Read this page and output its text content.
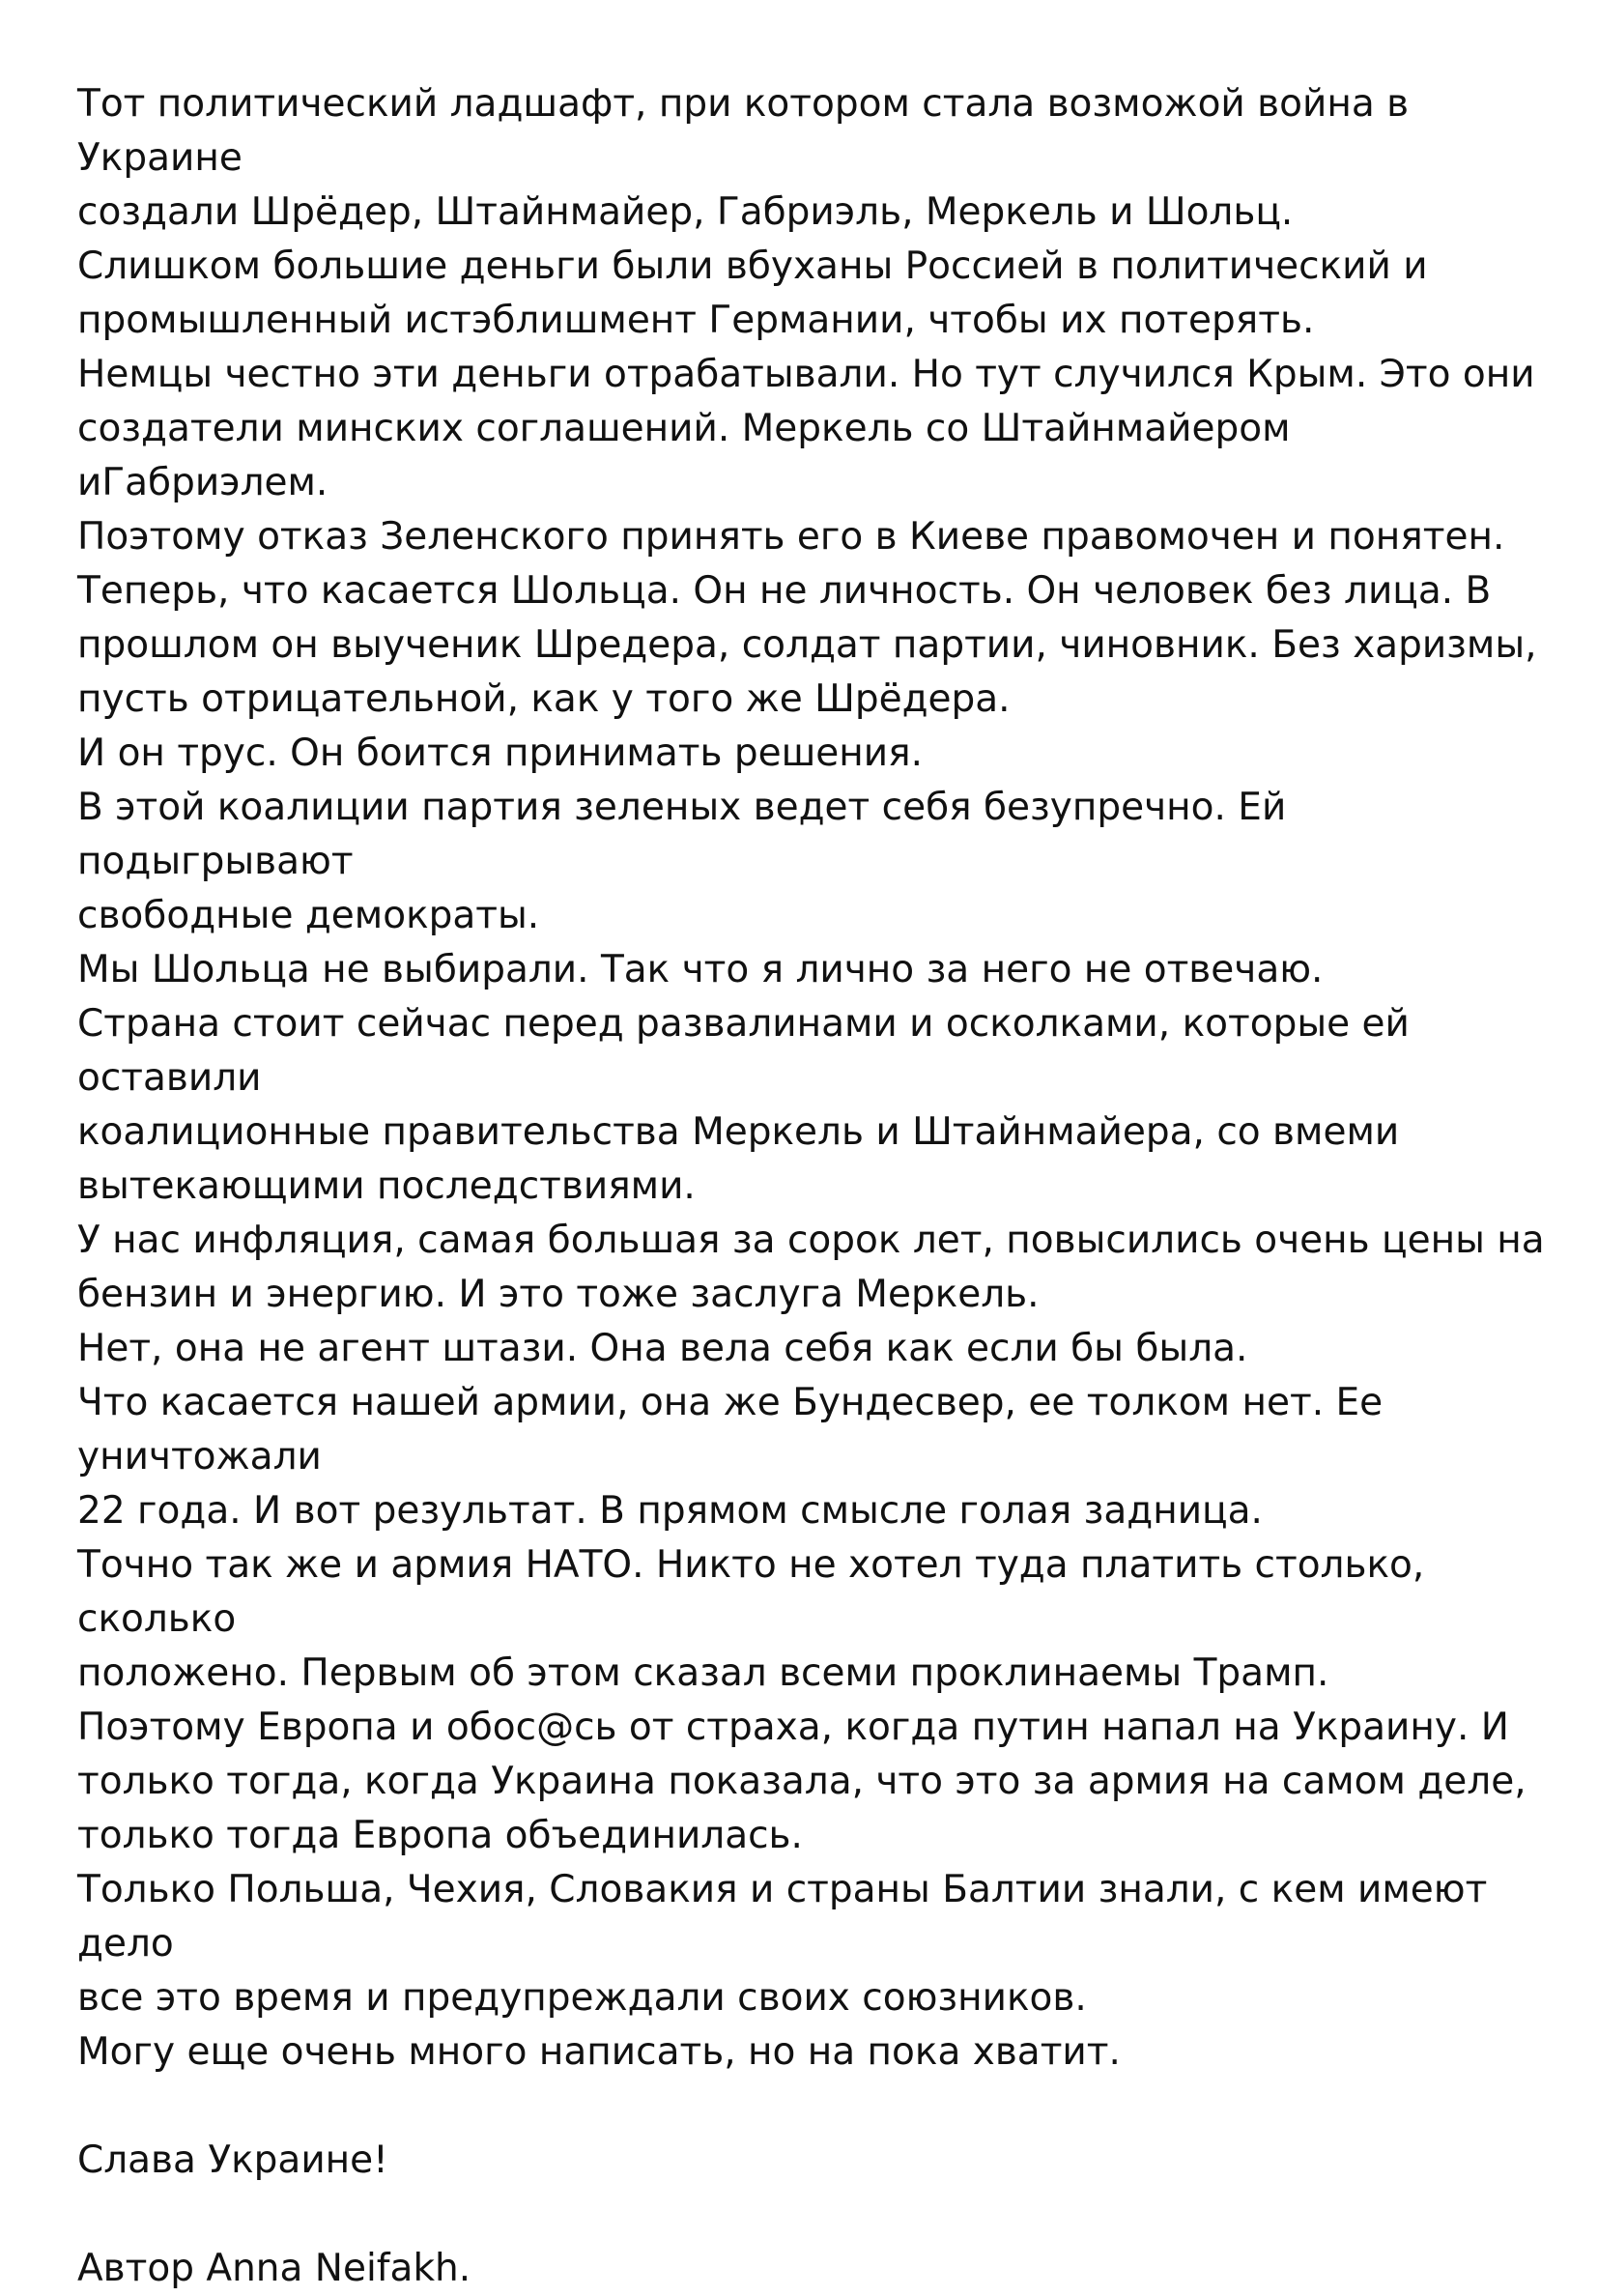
Тот политический ладшафт, при котором стала возможой война в Украине

создали Шрёдер, Штайнмайер, Габриэль, Меркель и Шольц.

Слишком большие деньги были вбуханы Россией в политический и

промышленный истэблишмент Германии, чтобы их потерять.

Немцы честно эти деньги отрабатывали. Но тут случился Крым. Это они

создатели минских соглашений. Меркель со Штайнмайером иГабриэлем.

Поэтому отказ Зеленского принять его в Киеве правомочен и понятен.

Теперь, что касается Шольца. Он не личность. Он человек без лица. В

прошлом он выученик Шредера, солдат партии, чиновник. Без харизмы,

пусть отрицательной, как у того же Шрёдера.

И он трус. Он боится принимать решения.

В этой коалиции партия зеленых ведет себя безупречно. Ей подыгрывают

свободные демократы.

Мы Шольца не выбирали. Так что я лично за него не отвечаю.

Страна стоит сейчас перед развалинами и осколками, которые ей оставили

коалиционные правительства Меркель и Штайнмайера, со вмеми

вытекающими последствиями.

У нас инфляция, самая большая за сорок лет, повысились очень цены на

бензин и энергию. И это тоже заслуга Меркель.

Нет, она не агент штази. Она вела себя как если бы была.

Что касается нашей армии, она же Бундесвер, ее толком нет. Ее уничтожали

22 года. И вот результат. В прямом смысле голая задница.

Точно так же и армия НАТО. Никто не хотел туда платить столько, сколько

положено. Первым об этом сказал всеми проклинаемы Трамп.

Поэтому Европа и обос@сь от страха, когда путин напал на Украину. И

только тогда, когда Украина показала, что это за армия на самом деле,

только тогда Европа объединилась.

Только Польша, Чехия, Словакия и страны Балтии знали, с кем имеют дело

все это время и предупреждали своих союзников.

Могу еще очень много написать, но на пока хватит.

Слава Украине!

Автор Anna Neifakh.
